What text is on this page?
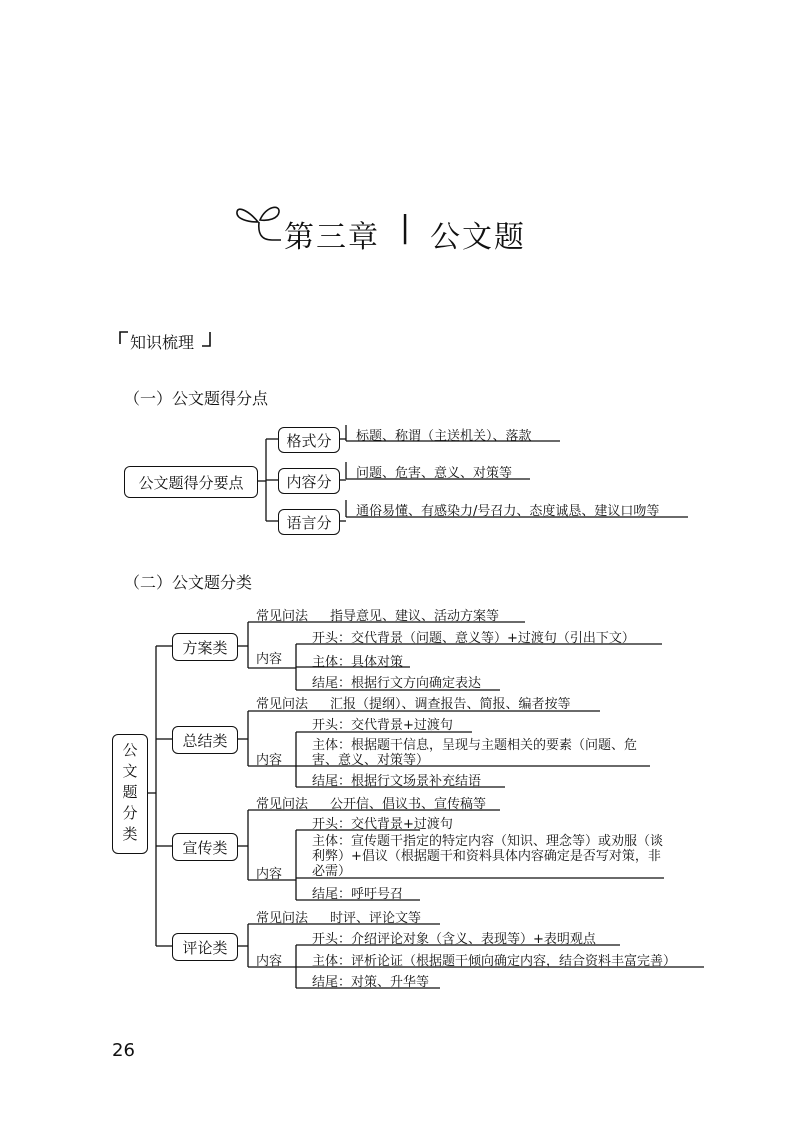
第三章 | 公文题
知识梳理
（一）公文题得分点
公文题得分要点
格式分	标题、称谓（主送机关）、落款
内容分	问题、危害、意义、对策等
语言分
通俗易懂、有感染力/号召力、态度诚恳、建议口吻等
（二）公文题分类
公文题分类
方案类
常见问法 指导意见、建议、活动方案等
内容
开头：交代背景（问题、意义等）+过渡句（引出下文）
主体：具体对策
结尾：根据行文方向确定表达
总结类
常见问法 汇报（提纲）、调查报告、简报、编者按等
内容
开头：交代背景+过渡句
主体：根据题干信息，呈现与主题相关的要素（问题、危害、意义、对策等）
结尾：根据行文场景补充结语
宣传类
常见问法 公开信、倡议书、宣传稿等
内容
开头：交代背景+过渡句
主体：宣传题干指定的特定内容（知识、理念等）或劝服（谈利弊）+倡议（根据题干和资料具体内容确定是否写对策，非必需）
结尾：呼吁号召
评论类
常见问法 时评、评论文等
内容
开头：介绍评论对象（含义、表现等）+表明观点
主体：评析论证（根据题干倾向确定内容，结合资料丰富完善）
结尾：对策、升华等
26
